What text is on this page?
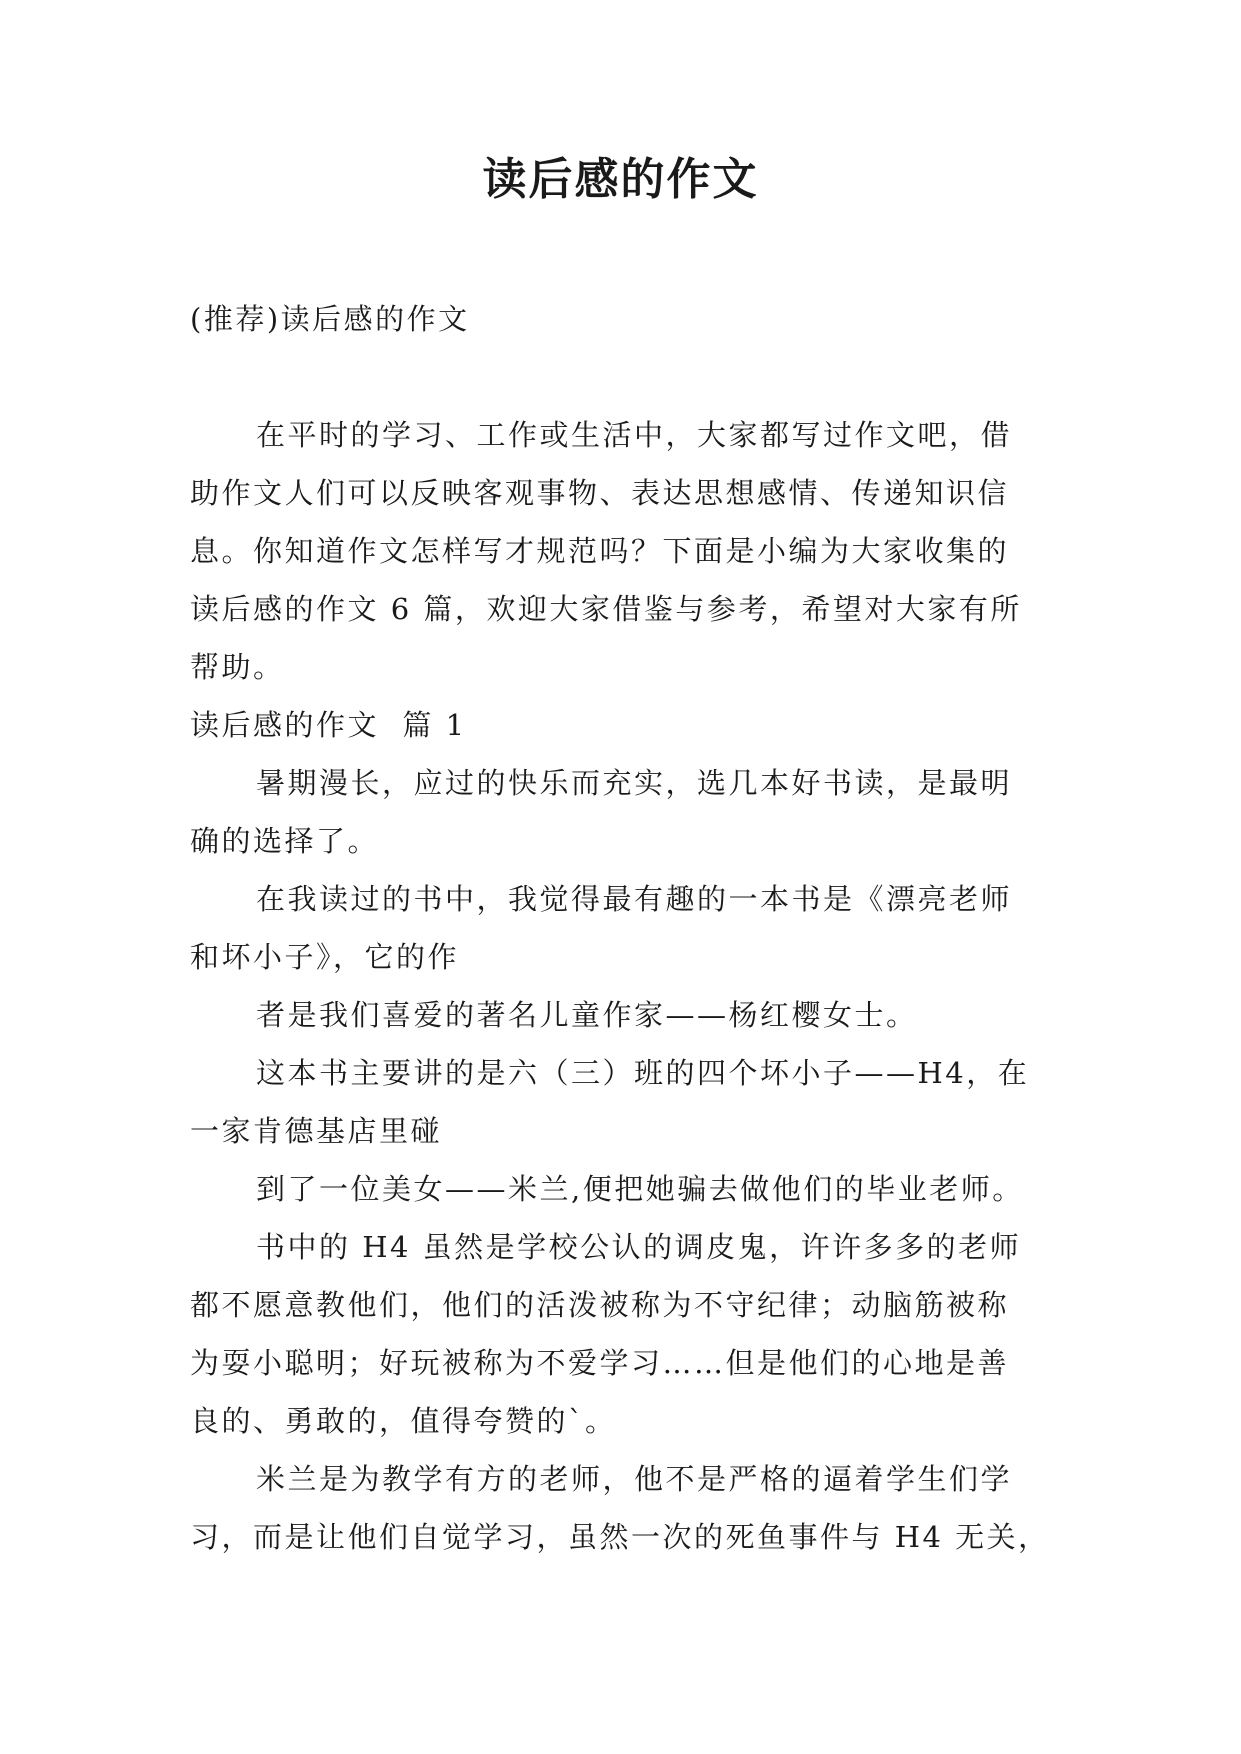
读后感的作文
(推荐)读后感的作文
在平时的学习、工作或生活中，大家都写过作文吧，借
助作文人们可以反映客观事物、表达思想感情、传递知识信
息。你知道作文怎样写才规范吗？下面是小编为大家收集的
读后感的作文 6 篇，欢迎大家借鉴与参考，希望对大家有所
帮助。
读后感的作文  篇 1
暑期漫长，应过的快乐而充实，选几本好书读，是最明
确的选择了。
在我读过的书中，我觉得最有趣的一本书是《漂亮老师
和坏小子》，它的作
者是我们喜爱的著名儿童作家——杨红樱女士。
这本书主要讲的是六（三）班的四个坏小子——H4，在
一家肯德基店里碰
到了一位美女——米兰,便把她骗去做他们的毕业老师。
书中的 H4 虽然是学校公认的调皮鬼，许许多多的老师
都不愿意教他们，他们的活泼被称为不守纪律；动脑筋被称
为耍小聪明；好玩被称为不爱学习……但是他们的心地是善
良的、勇敢的，值得夸赞的`。
米兰是为教学有方的老师，他不是严格的逼着学生们学
习，而是让他们自觉学习，虽然一次的死鱼事件与 H4 无关，
